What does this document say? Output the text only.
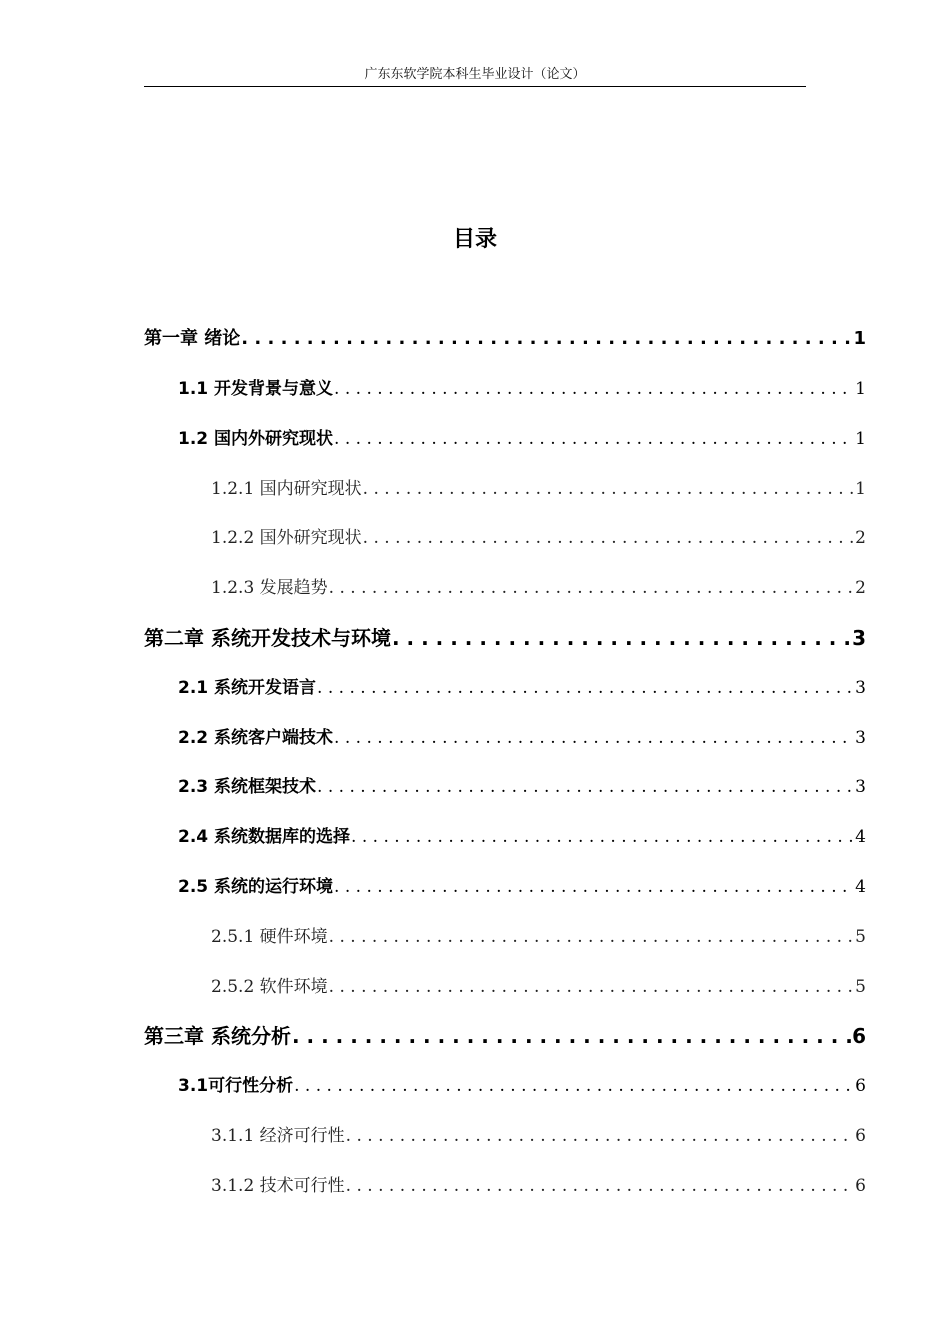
广东东软学院本科生毕业设计（论文）
目录
第一章 绪论 . . .	1
1.1 开发背景与意义 . . .	1
1.2 国内外研究现状 . . .	1
1.2.1 国内研究现状 . . .	1
1.2.2 国外研究现状 . . .	2
1.2.3 发展趋势 . . .	2
第二章 系统开发技术与环境 . . .	3
2.1 系统开发语言 . . .	3
2.2 系统客户端技术 . . .	3
2.3 系统框架技术 . . .	3
2.4 系统数据库的选择 . . .	4
2.5 系统的运行环境 . . .	4
2.5.1 硬件环境 . . .	5
2.5.2 软件环境 . . .	5
第三章 系统分析 . . .	6
3.1可行性分析 . . .	6
3.1.1 经济可行性 . . .	6
3.1.2 技术可行性 . . .	6
